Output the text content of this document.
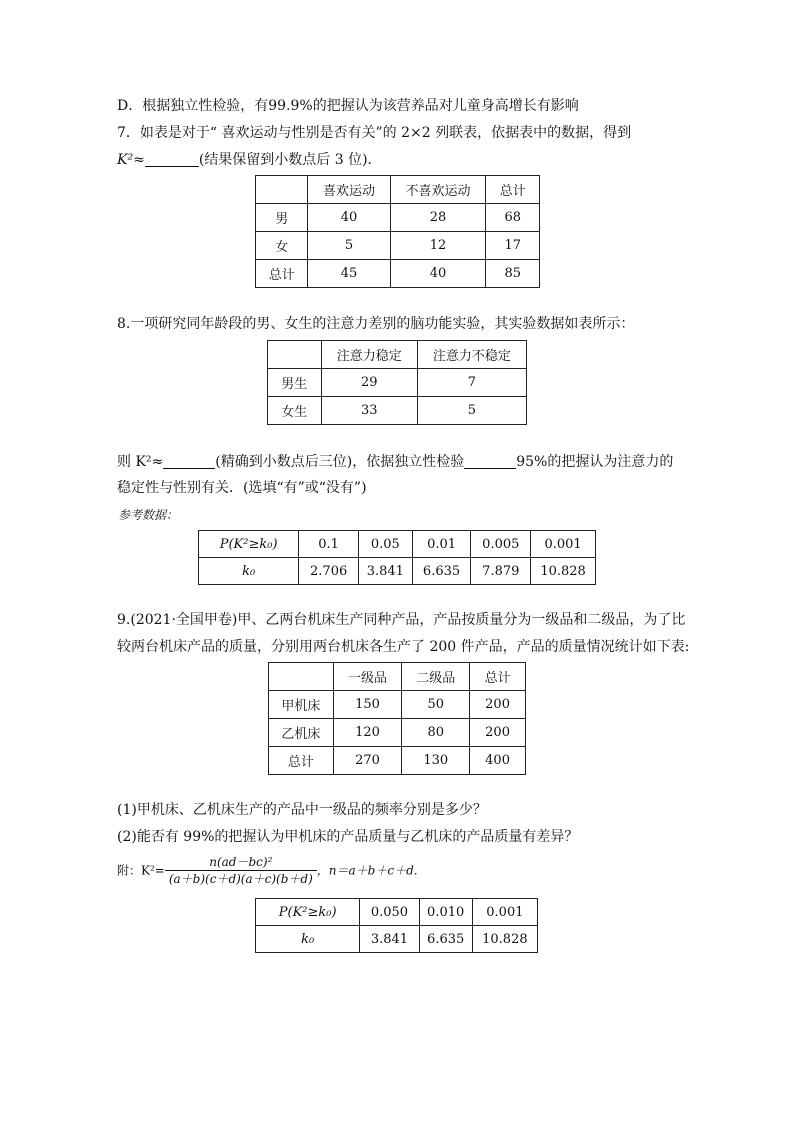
D．根据独立性检验，有99.9%的把握认为该营养品对儿童身高增长有影响
7．如表是对于“ 喜欢运动与性别是否有关”的 2×2 列联表，依据表中的数据，得到
K²≈	(结果保留到小数点后 3 位)．
	喜欢运动	不喜欢运动	总计
男	40	28	68
女	5	12	17
总计	45	40	85
8.一项研究同年龄段的男、女生的注意力差别的脑功能实验，其实验数据如表所示：
	注意力稳定	注意力不稳定
男生	29	7
女生	33	5
则 K²≈	(精确到小数点后三位)，依据独立性检验	95%的把握认为注意力的
稳定性与性别有关．(选填“有”或“没有”)
参考数据：
P(K²≥k₀)	0.1	0.05	0.01	0.005	0.001
k₀	2.706	3.841	6.635	7.879	10.828
9.(2021·全国甲卷)甲、乙两台机床生产同种产品，产品按质量分为一级品和二级品，为了比
较两台机床产品的质量，分别用两台机床各生产了 200 件产品，产品的质量情况统计如下表:
	一级品	二级品	总计
甲机床	150	50	200
乙机床	120	80	200
总计	270	130	400
(1)甲机床、乙机床生产的产品中一级品的频率分别是多少？
(2)能否有 99%的把握认为甲机床的产品质量与乙机床的产品质量有差异？
附：$K^2= \frac{\text{n(ad－bc)²}}{(a+b)(c+d)(a+c)(b+d)}$ ，n＝a＋b＋c＋d.
P(K²≥k₀)	0.050	0.010	0.001
k₀	3.841	6.635	10.828
